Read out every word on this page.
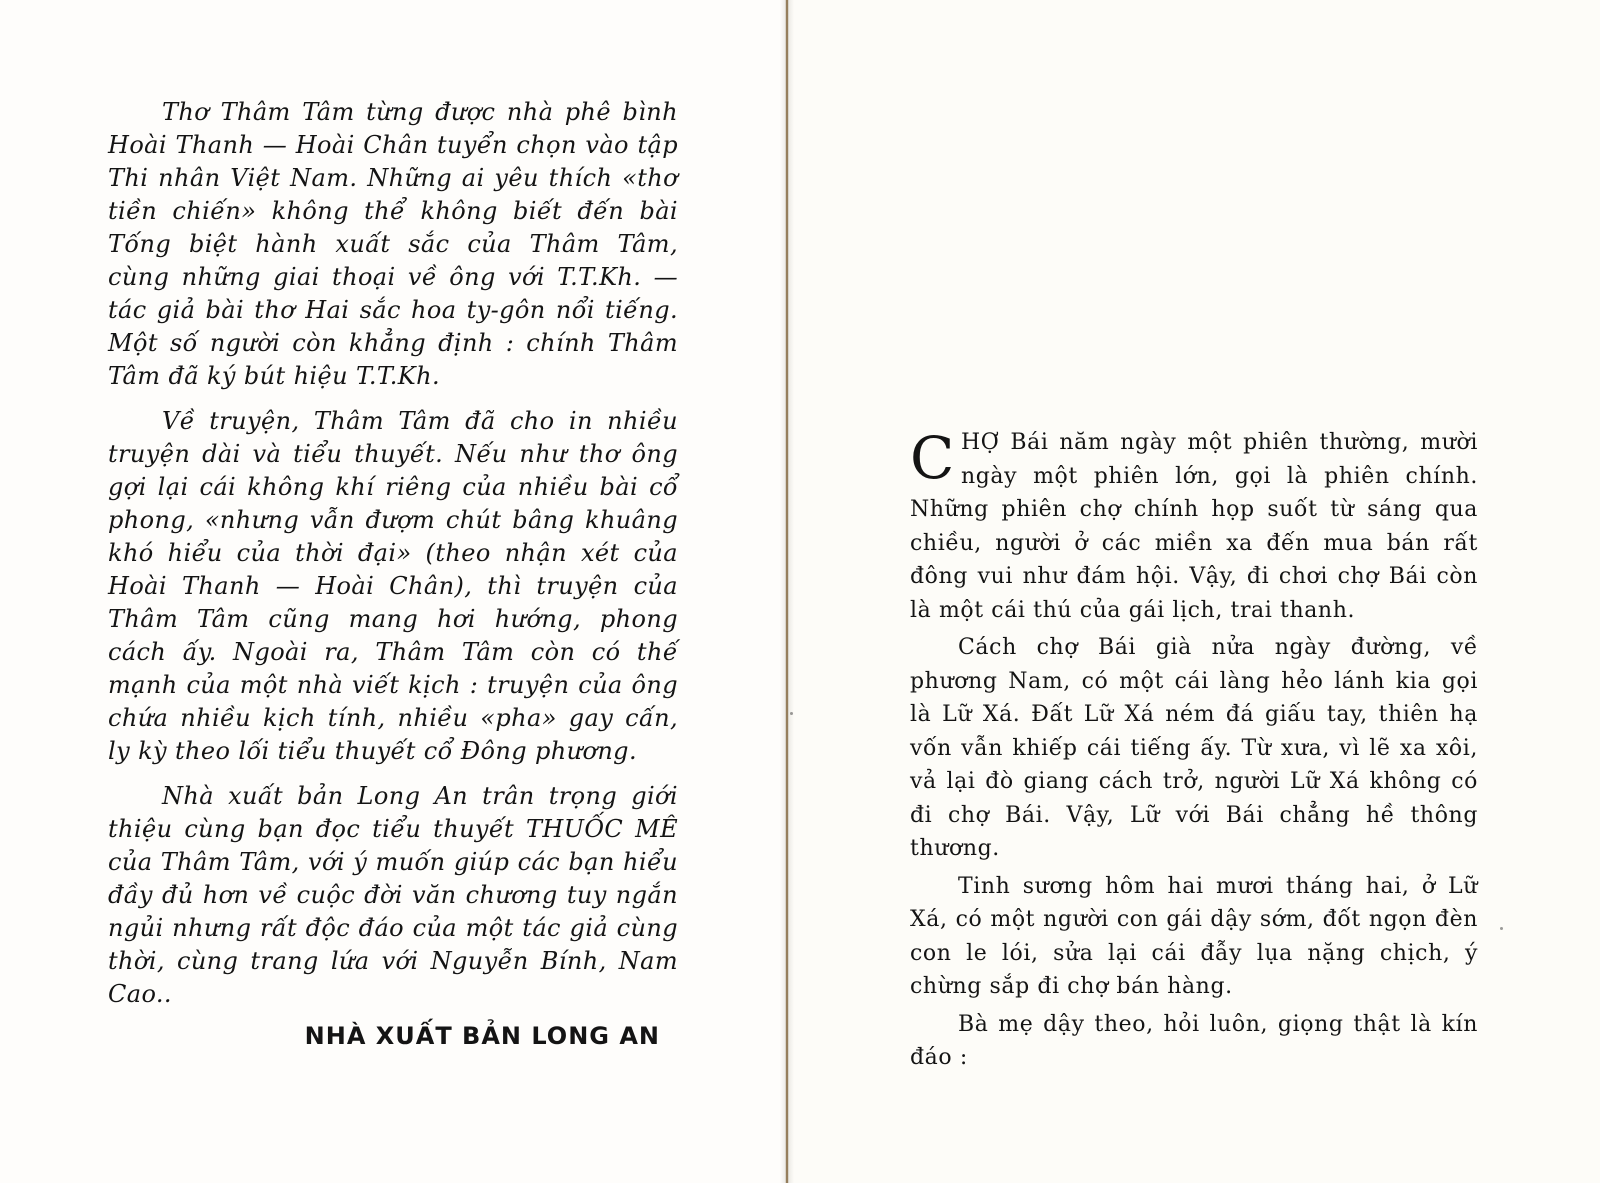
Thơ Thâm Tâm từng được nhà phê bình Hoài Thanh — Hoài Chân tuyển chọn vào tập Thi nhân Việt Nam. Những ai yêu thích «thơ tiền chiến» không thể không biết đến bài Tống biệt hành xuất sắc của Thâm Tâm, cùng những giai thoại về ông với T.T.Kh. — tác giả bài thơ Hai sắc hoa ty-gôn nổi tiếng. Một số người còn khẳng định : chính Thâm Tâm đã ký bút hiệu T.T.Kh.

Về truyện, Thâm Tâm đã cho in nhiều truyện dài và tiểu thuyết. Nếu như thơ ông gợi lại cái không khí riêng của nhiều bài cổ phong, «nhưng vẫn đượm chút bâng khuâng khó hiểu của thời đại» (theo nhận xét của Hoài Thanh — Hoài Chân), thì truyện của Thâm Tâm cũng mang hơi hướng, phong cách ấy. Ngoài ra, Thâm Tâm còn có thế mạnh của một nhà viết kịch : truyện của ông chứa nhiều kịch tính, nhiều «pha» gay cấn, ly kỳ theo lối tiểu thuyết cổ Đông phương.

Nhà xuất bản Long An trân trọng giới thiệu cùng bạn đọc tiểu thuyết THUỐC MÊ của Thâm Tâm, với ý muốn giúp các bạn hiểu đầy đủ hơn về cuộc đời văn chương tuy ngắn ngủi nhưng rất độc đáo của một tác giả cùng thời, cùng trang lứa với Nguyễn Bính, Nam Cao..

NHÀ XUẤT BẢN LONG AN

CHỢ Bái năm ngày một phiên thường, mười ngày một phiên lớn, gọi là phiên chính. Những phiên chợ chính họp suốt từ sáng qua chiều, người ở các miền xa đến mua bán rất đông vui như đám hội. Vậy, đi chơi chợ Bái còn là một cái thú của gái lịch, trai thanh.

Cách chợ Bái già nửa ngày đường, về phương Nam, có một cái làng hẻo lánh kia gọi là Lữ Xá. Đất Lữ Xá ném đá giấu tay, thiên hạ vốn vẫn khiếp cái tiếng ấy. Từ xưa, vì lẽ xa xôi, vả lại đò giang cách trở, người Lữ Xá không có đi chợ Bái. Vậy, Lữ với Bái chẳng hề thông thương.

Tinh sương hôm hai mươi tháng hai, ở Lữ Xá, có một người con gái dậy sớm, đốt ngọn đèn con le lói, sửa lại cái đẫy lụa nặng chịch, ý chừng sắp đi chợ bán hàng.

Bà mẹ dậy theo, hỏi luôn, giọng thật là kín đáo :
